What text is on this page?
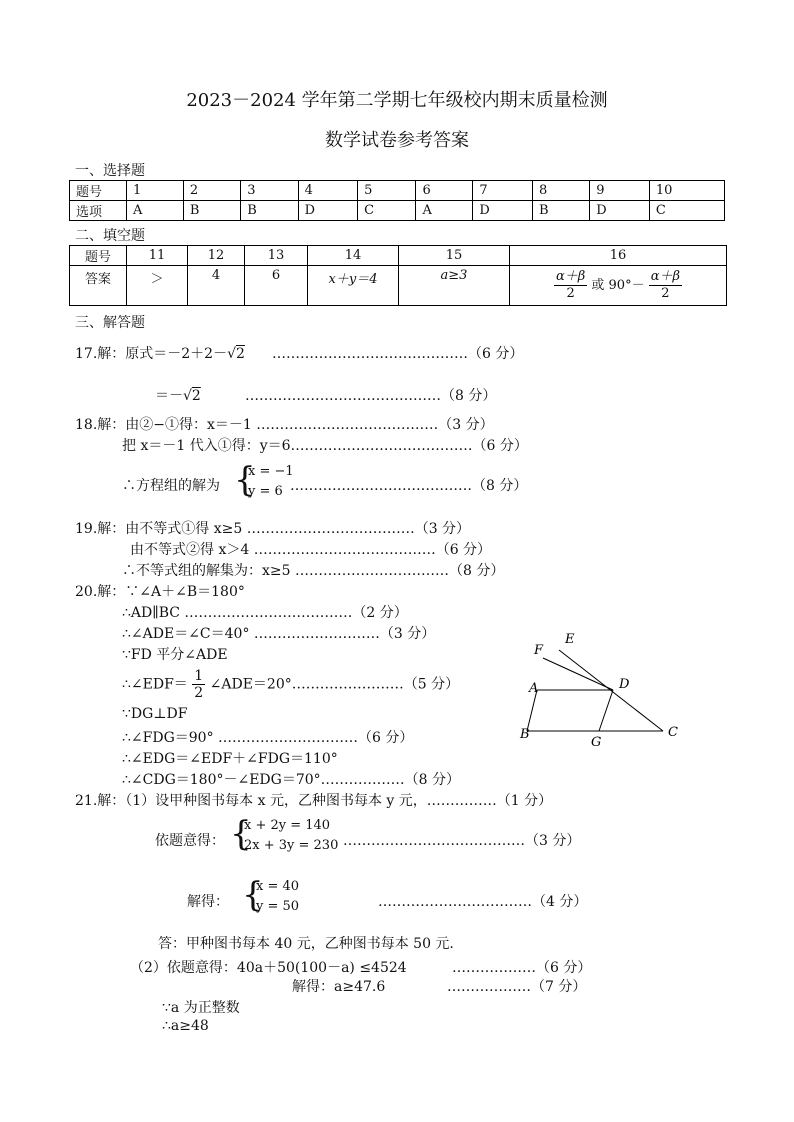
2023－2024 学年第二学期七年级校内期末质量检测
数学试卷参考答案
一、选择题
题号	1	2	3	4	5	6	7	8	9	10
选项	A	B	B	D	C	A	D	B	D	C
二、填空题
题号	11	12	13	14	15	16
答案	＞	4	6	x＋y＝4	a≥3	$\frac{\alpha+\beta}{2}$ 或 $90^\circ- \frac{\alpha+\beta}{2}$
三、解答题
17.解：原式＝－2＋2－√2 ……………………………………（6 分）
＝－√2	……………………………………（8 分）
18.解：由②−①得：x＝－1 …………………………………（3 分）
把 x＝－1 代入①得：y＝6…………………………………（6 分）
∴方程组的解为 {
x = −1
y = 6 …………………………………（8 分）
19.解：由不等式①得 x≥5 ………………………………（3 分）
由不等式②得 x＞4 …………………………………（6 分）
∴不等式组的解集为：x≥5 ……………………………（8 分）
20.解：∵∠A＋∠B＝180°
∴AD∥BC ………………………………（2 分）
∴∠ADE＝∠C＝40° ………………………（3 分）
∵FD 平分∠ADE
∴∠EDF＝ $\frac{1}{2}$ ∠ADE＝20°……………………（5 分）
∵DG⊥DF
∴∠FDG＝90° …………………………（6 分）
∴∠EDG＝∠EDF＋∠FDG＝110°
∴∠CDG＝180°－∠EDG＝70°………………（8 分）
E
F
A	D
B
G
C
21.解：（1）设甲种图书每本 x 元，乙种图书每本 y 元，……………（1 分）
依题意得： {
x + 2y = 140
2x + 3y = 230 …………………………………（3 分）
解得： {
x = 40
y = 50	……………………………（4 分）
答：甲种图书每本 40 元，乙种图书每本 50 元.
（2）依题意得：40a＋50(100－a) ≤4524	………………（6 分）
解得：a≥47.6	………………（7 分）
∵a 为正整数
∴a≥48
